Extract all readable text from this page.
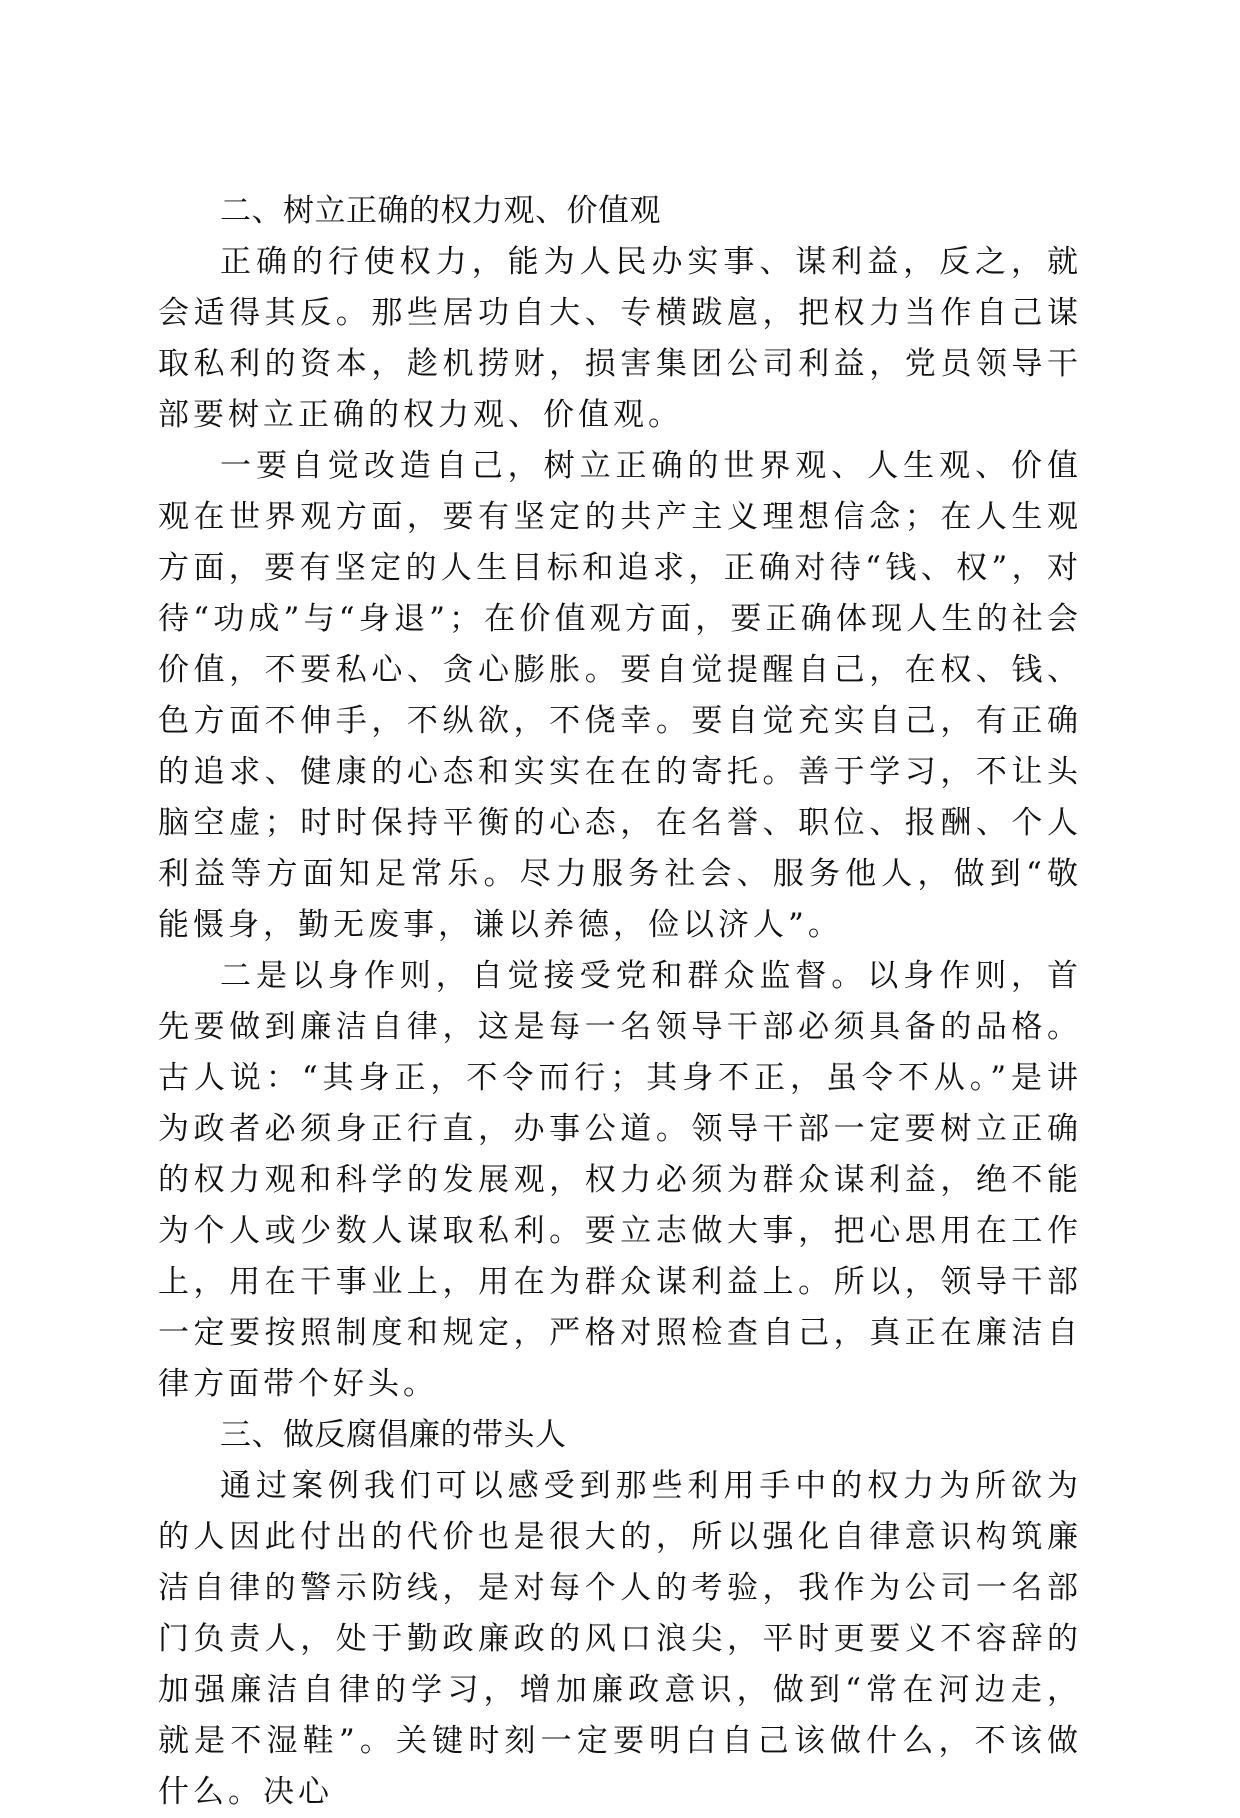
二、树立正确的权力观、价值观

正确的行使权力，能为人民办实事、谋利益，反之，就会适得其反。那些居功自大、专横跋扈，把权力当作自己谋取私利的资本，趁机捞财，损害集团公司利益，党员领导干部要树立正确的权力观、价值观。

一要自觉改造自己，树立正确的世界观、人生观、价值观在世界观方面，要有坚定的共产主义理想信念；在人生观方面，要有坚定的人生目标和追求，正确对待“钱、权”，对待“功成”与“身退”；在价值观方面，要正确体现人生的社会价值，不要私心、贪心膨胀。要自觉提醒自己，在权、钱、色方面不伸手，不纵欲，不侥幸。要自觉充实自己，有正确的追求、健康的心态和实实在在的寄托。善于学习，不让头脑空虚；时时保持平衡的心态，在名誉、职位、报酬、个人利益等方面知足常乐。尽力服务社会、服务他人，做到“敬能慑身，勤无废事，谦以养德，俭以济人”。

二是以身作则，自觉接受党和群众监督。以身作则，首先要做到廉洁自律，这是每一名领导干部必须具备的品格。古人说：“其身正，不令而行；其身不正，虽令不从。”是讲为政者必须身正行直，办事公道。领导干部一定要树立正确的权力观和科学的发展观，权力必须为群众谋利益，绝不能为个人或少数人谋取私利。要立志做大事，把心思用在工作上，用在干事业上，用在为群众谋利益上。所以，领导干部一定要按照制度和规定，严格对照检查自己，真正在廉洁自律方面带个好头。

三、做反腐倡廉的带头人

通过案例我们可以感受到那些利用手中的权力为所欲为的人因此付出的代价也是很大的，所以强化自律意识构筑廉洁自律的警示防线，是对每个人的考验，我作为公司一名部门负责人，处于勤政廉政的风口浪尖，平时更要义不容辞的加强廉洁自律的学习，增加廉政意识，做到“常在河边走，就是不湿鞋”。关键时刻一定要明白自己该做什么，不该做什么。决心
